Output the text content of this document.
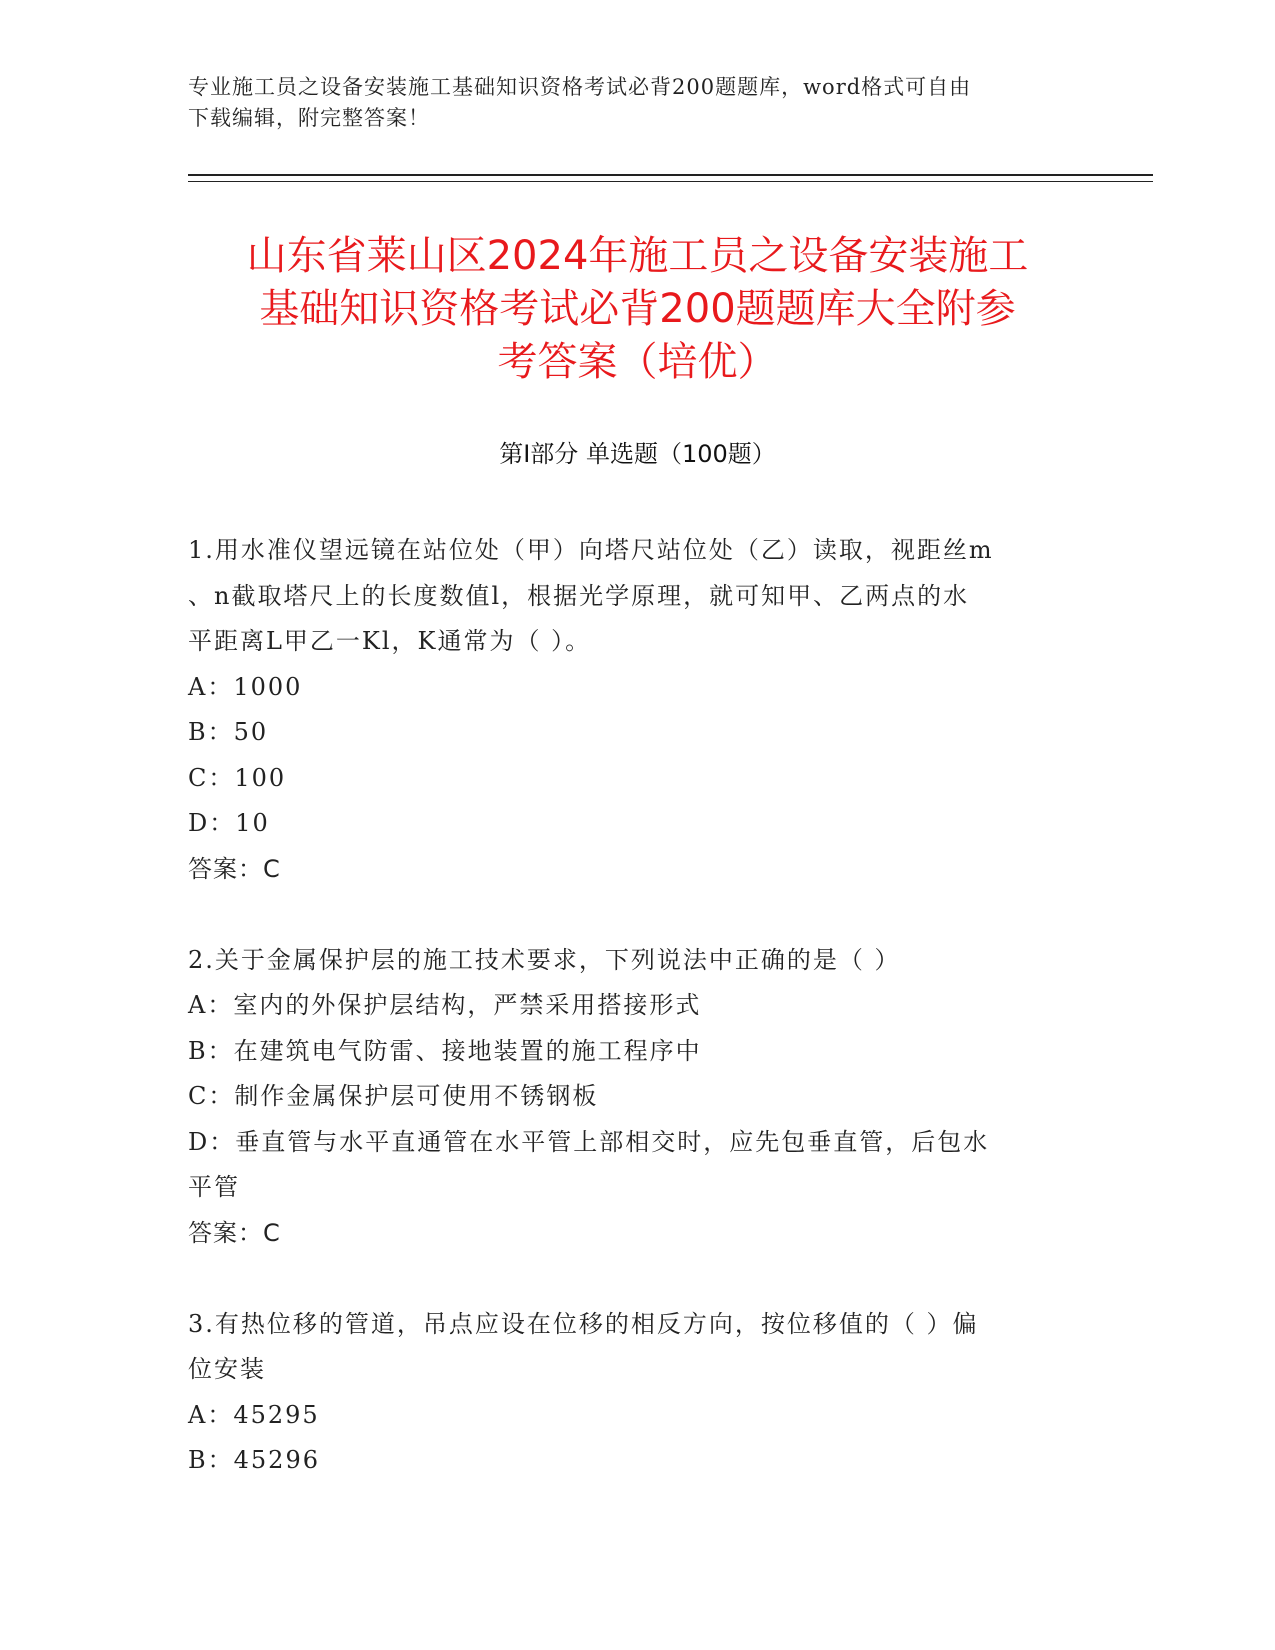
专业施工员之设备安装施工基础知识资格考试必背200题题库，word格式可自由
下载编辑，附完整答案！
山东省莱山区2024年施工员之设备安装施工
基础知识资格考试必背200题题库大全附参
考答案（培优）
第I部分 单选题（100题）
1.用水准仪望远镜在站位处（甲）向塔尺站位处（乙）读取，视距丝m
、n截取塔尺上的长度数值l，根据光学原理，就可知甲、乙两点的水
平距离L甲乙一Kl，K通常为（ ）。
A：1000
B：50
C：100
D：10
答案：C
2.关于金属保护层的施工技术要求，下列说法中正确的是（ ）
A：室内的外保护层结构，严禁采用搭接形式
B：在建筑电气防雷、接地装置的施工程序中
C：制作金属保护层可使用不锈钢板
D：垂直管与水平直通管在水平管上部相交时，应先包垂直管，后包水
平管
答案：C
3.有热位移的管道，吊点应设在位移的相反方向，按位移值的（ ）偏
位安装
A：45295
B：45296
